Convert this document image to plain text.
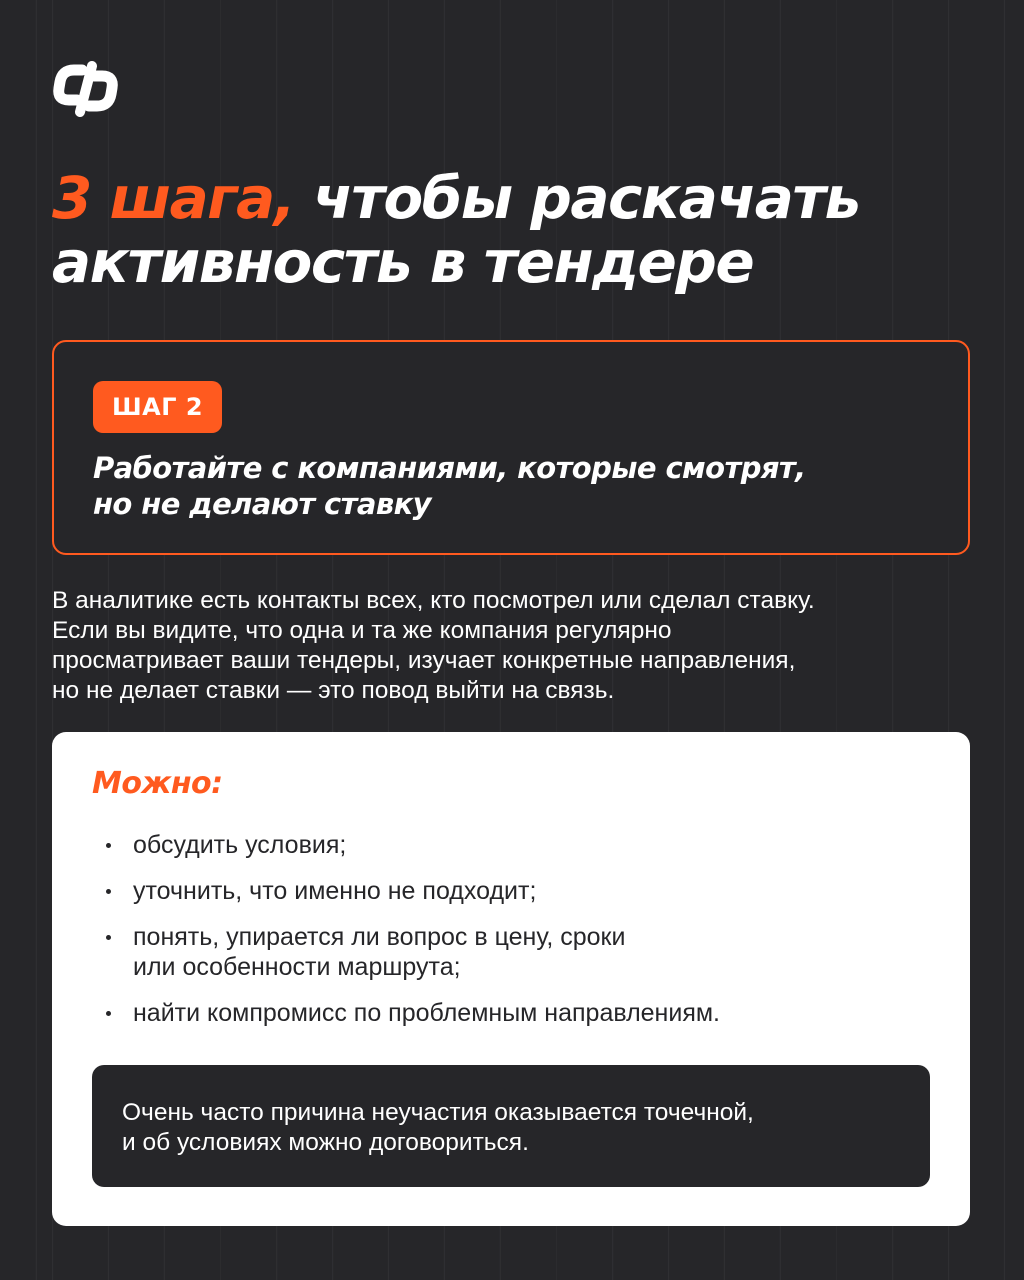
3 шага, чтобы раскачать
активность в тендере
ШАГ 2
Работайте с компаниями, которые смотрят,
но не делают ставку

В аналитике есть контакты всех, кто посмотрел или сделал ставку.
Если вы видите, что одна и та же компания регулярно
просматривает ваши тендеры, изучает конкретные направления,
но не делает ставки — это повод выйти на связь.

Можно:
обсудить условия;
уточнить, что именно не подходит;
понять, упирается ли вопрос в цену, сроки
или особенности маршрута;
найти компромисс по проблемным направлениям.

Очень часто причина неучастия оказывается точечной,
и об условиях можно договориться.
